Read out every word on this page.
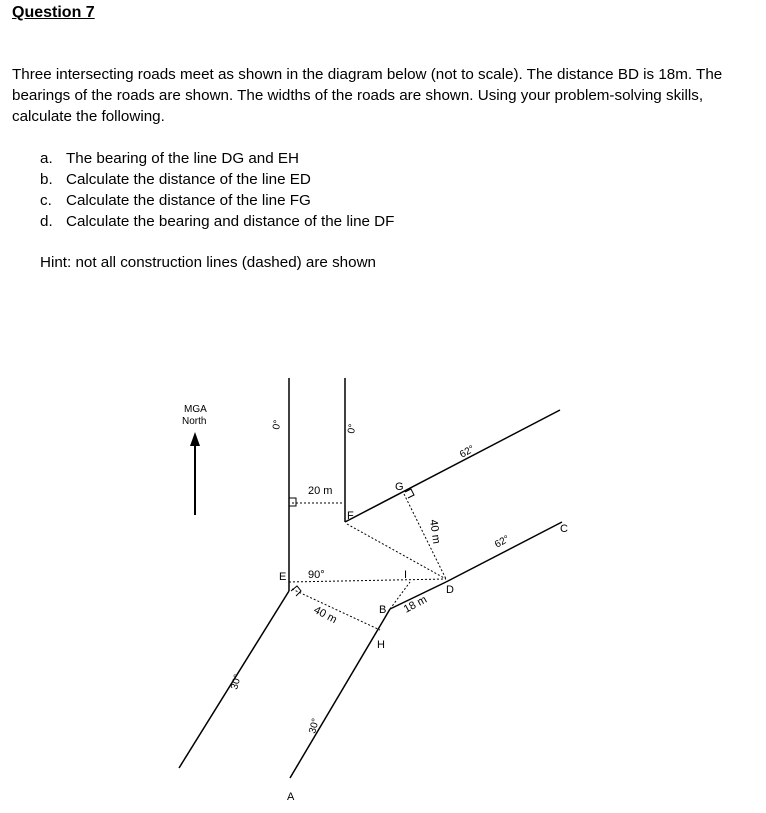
Question 7

Three intersecting roads meet as shown in the diagram below (not to scale). The distance BD is 18m. The bearings of the roads are shown. The widths of the roads are shown. Using your problem-solving skills, calculate the following.

a. The bearing of the line DG and EH
b. Calculate the distance of the line ED
c. Calculate the distance of the line FG
d. Calculate the bearing and distance of the line DF

Hint: not all construction lines (dashed) are shown

MGA
North
E
F
G
I
B
H
D
C
A
0°	0°
30°
30°
62°
62°
20 m
90°
40 m
40 m
18 m
